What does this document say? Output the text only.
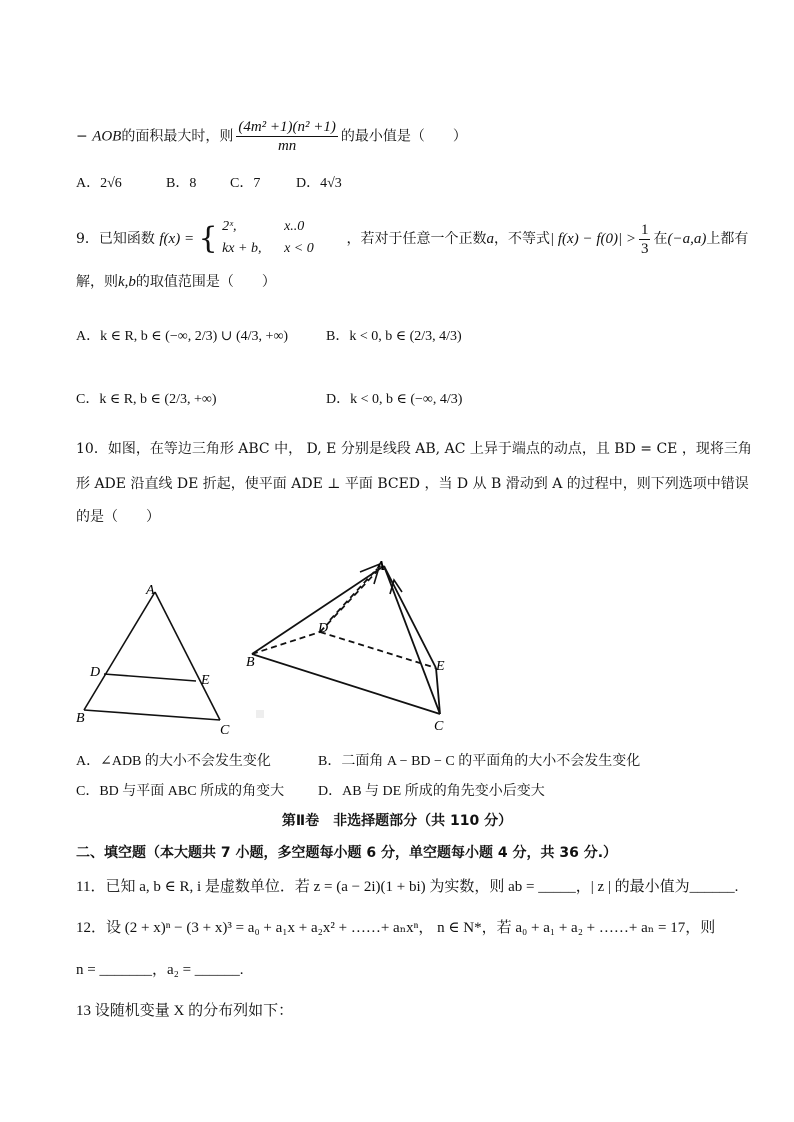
− AOB的面积最大时，则 $\frac{\text{(4m² +1)(n² +1)}}{mn}$ 的最小值是（　　）
A．2√6	B．8 C．7	D．4√3
9．已知函数 f(x) = { 2ˣ,	x..0
kx + b, x < 0
，若对于任意一个正数a，不等式| $f(x) - f(0)| > \frac{1}{3}$ 在(−a,a)上都有
解，则k,b的取值范围是（　　）
A．k ∈ R, b ∈ (−∞, 2/3) ∪ (4/3, +∞)	B．k < 0, b ∈ (2/3, 4/3)
C．k ∈ R, b ∈ (2/3, +∞)	D．k < 0, b ∈ (−∞, 4/3)
10．如图，在等边三角形 ABC 中， D, E 分别是线段 AB, AC 上异于端点的动点，且 BD = CE ，现将三角
形 ADE 沿直线 DE 折起，使平面 ADE ⊥ 平面 BCED ，当 D 从 B 滑动到 A 的过程中，则下列选项中错误
的是（　　）
A
D
E
B
C
A
D
B	E
C
A．∠ADB 的大小不会发生变化	B．二面角 A − BD − C 的平面角的大小不会发生变化
C．BD 与平面 ABC 所成的角变大 D．AB 与 DE 所成的角先变小后变大
第Ⅱ卷　非选择题部分（共 110 分）
二、填空题（本大题共 7 小题，多空题每小题 6 分，单空题每小题 4 分，共 36 分.）
11．已知 a, b ∈ R, i 是虚数单位．若 z = (a − 2i)(1 + bi) 为实数，则 ab = _____，| z | 的最小值为______.
12．设 (2 + x)ⁿ − (3 + x)³ = a₀ + a₁x + a₂x² + ……+ aₙxⁿ， n ∈ N*，若 a₀ + a₁ + a₂ + ……+ aₙ = 17，则
n = _______，a₂ = ______.
13 设随机变量 X 的分布列如下：
